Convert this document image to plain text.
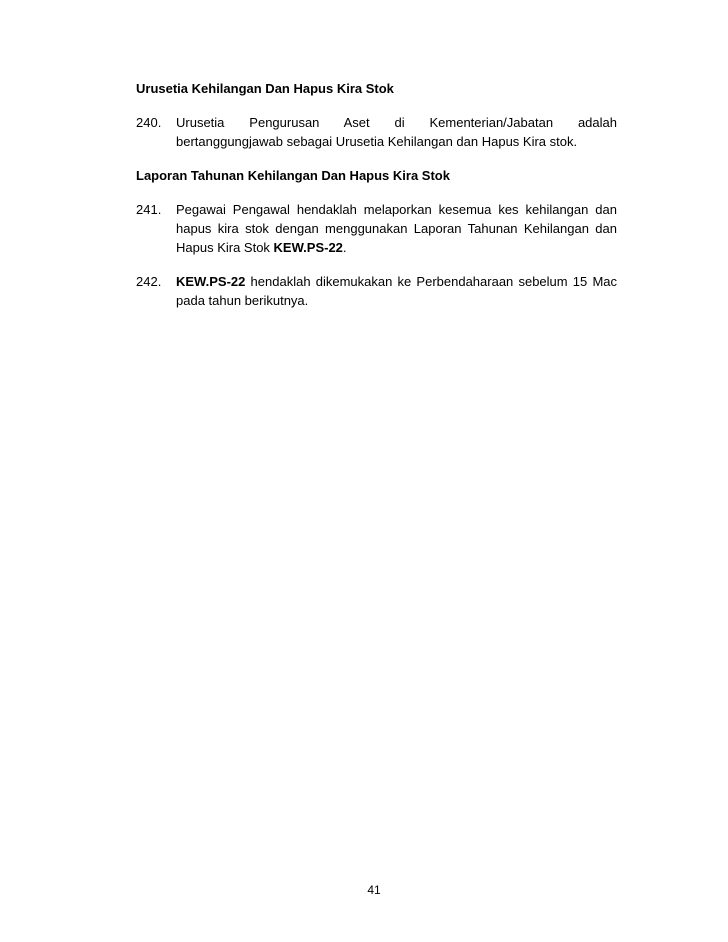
Urusetia Kehilangan Dan Hapus Kira Stok

240.	Urusetia Pengurusan Aset di Kementerian/Jabatan adalah bertanggungjawab sebagai Urusetia Kehilangan dan Hapus Kira stok.

Laporan Tahunan Kehilangan Dan Hapus Kira Stok

241.	Pegawai Pengawal hendaklah melaporkan kesemua kes kehilangan dan hapus kira stok dengan menggunakan Laporan Tahunan Kehilangan dan Hapus Kira Stok KEW.PS-22.
242.	KEW.PS-22 hendaklah dikemukakan ke Perbendaharaan sebelum 15 Mac pada tahun berikutnya.
41
